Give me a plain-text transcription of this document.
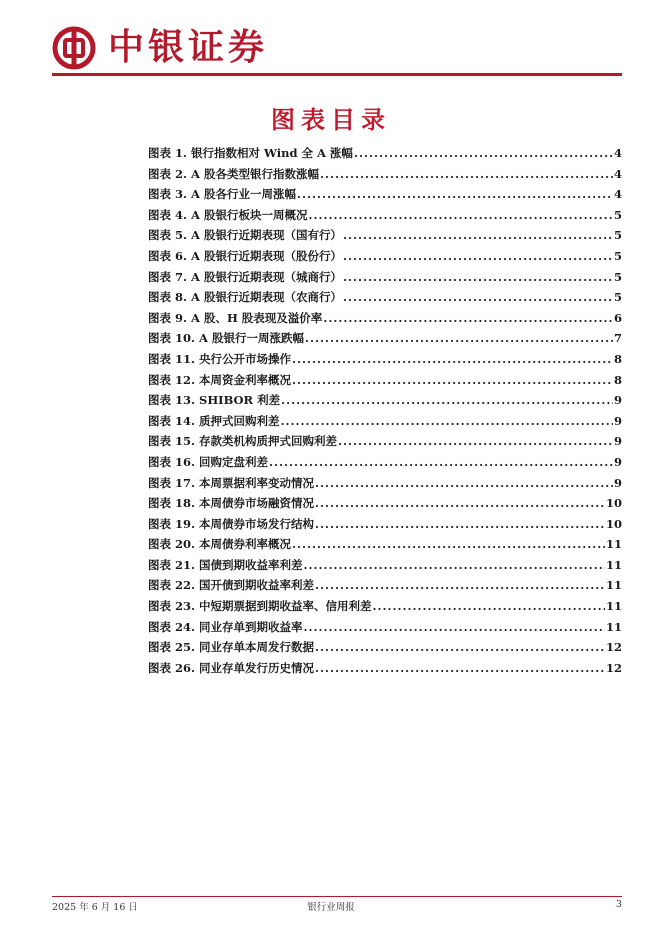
中银证券
图表目录
图表 1. 银行指数相对 Wind 全 A 涨幅 .....	4
图表 2. A 股各类型银行指数涨幅 .....	4
图表 3. A 股各行业一周涨幅 .....	4
图表 4. A 股银行板块一周概况 .....	5
图表 5. A 股银行近期表现（国有行） .....	5
图表 6. A 股银行近期表现（股份行） .....	5
图表 7. A 股银行近期表现（城商行） .....	5
图表 8. A 股银行近期表现（农商行） .....	5
图表 9. A 股、H 股表现及溢价率 .....	6
图表 10. A 股银行一周涨跌幅 .....	7
图表 11. 央行公开市场操作 .....	8
图表 12. 本周资金利率概况 .....	8
图表 13. SHIBOR 利差 .....	9
图表 14. 质押式回购利差 .....	9
图表 15. 存款类机构质押式回购利差 .....	9
图表 16. 回购定盘利差 .....	9
图表 17. 本周票据利率变动情况 .....	9
图表 18. 本周债券市场融资情况 .....	10
图表 19. 本周债券市场发行结构 .....	10
图表 20. 本周债券利率概况 .....	11
图表 21. 国债到期收益率利差 .....	11
图表 22. 国开债到期收益率利差 .....	11
图表 23. 中短期票据到期收益率、信用利差 .....	11
图表 24. 同业存单到期收益率 .....	11
图表 25. 同业存单本周发行数据 .....	12
图表 26. 同业存单发行历史情况 .....	12
2025 年 6 月 16 日	银行业周报	3
